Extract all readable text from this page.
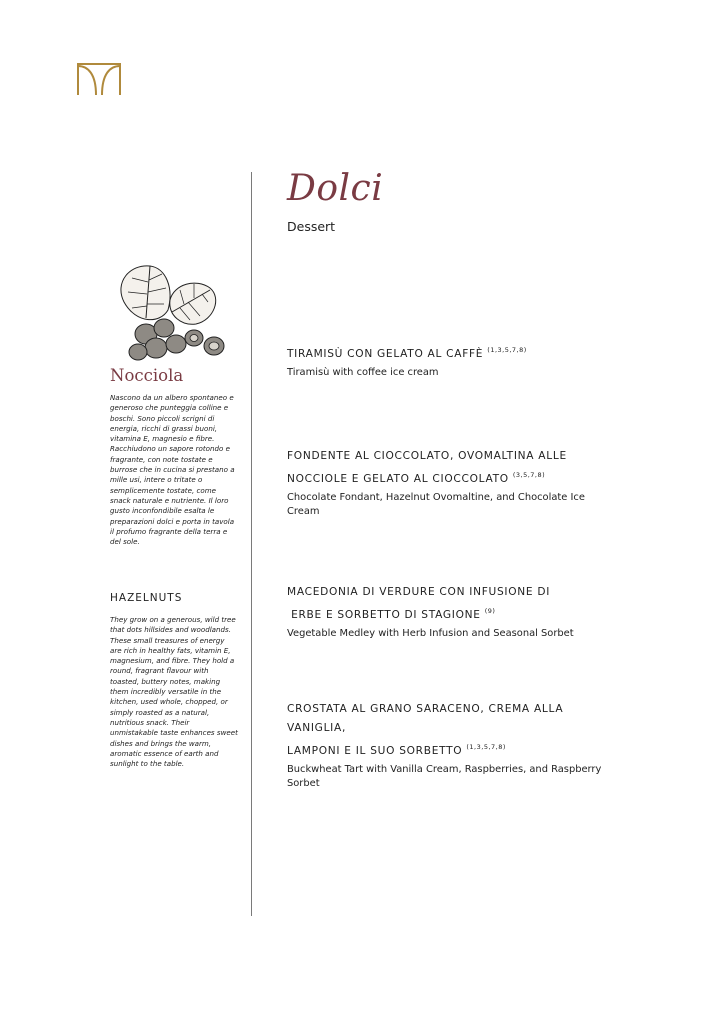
Nocciola

Nascono da un albero spontaneo e generoso che punteggia colline e boschi. Sono piccoli scrigni di energia, ricchi di grassi buoni, vitamina E, magnesio e fibre. Racchiudono un sapore rotondo e fragrante, con note tostate e burrose che in cucina si prestano a mille usi, intere o tritate o semplicemente tostate, come snack naturale e nutriente. Il loro gusto inconfondibile esalta le preparazioni dolci e porta in tavola il profumo fragrante della terra e del sole.

HAZELNUTS

They grow on a generous, wild tree that dots hillsides and woodlands. These small treasures of energy are rich in healthy fats, vitamin E, magnesium, and fibre. They hold a round, fragrant flavour with toasted, buttery notes, making them incredibly versatile in the kitchen, used whole, chopped, or simply roasted as a natural, nutritious snack. Their unmistakable taste enhances sweet dishes and brings the warm, aromatic essence of earth and sunlight to the table.

Dolci
Dessert
TIRAMISÙ CON GELATO AL CAFFÈ $^{(1,3,5,7,8)}$
Tiramisù with coffee ice cream
FONDENTE AL CIOCCOLATO, OVOMALTINA ALLE
NOCCIOLE E GELATO AL CIOCCOLATO $^{(3,5,7,8)}$
Chocolate Fondant, Hazelnut Ovomaltine, and Chocolate Ice Cream
MACEDONIA DI VERDURE CON INFUSIONE DI
ERBE E SORBETTO DI STAGIONE $^{(9)}$
Vegetable Medley with Herb Infusion and Seasonal Sorbet
CROSTATA AL GRANO SARACENO, CREMA ALLA VANIGLIA,
LAMPONI E IL SUO SORBETTO $^{(1,3,5,7,8)}$
Buckwheat Tart with Vanilla Cream, Raspberries, and Raspberry Sorbet
